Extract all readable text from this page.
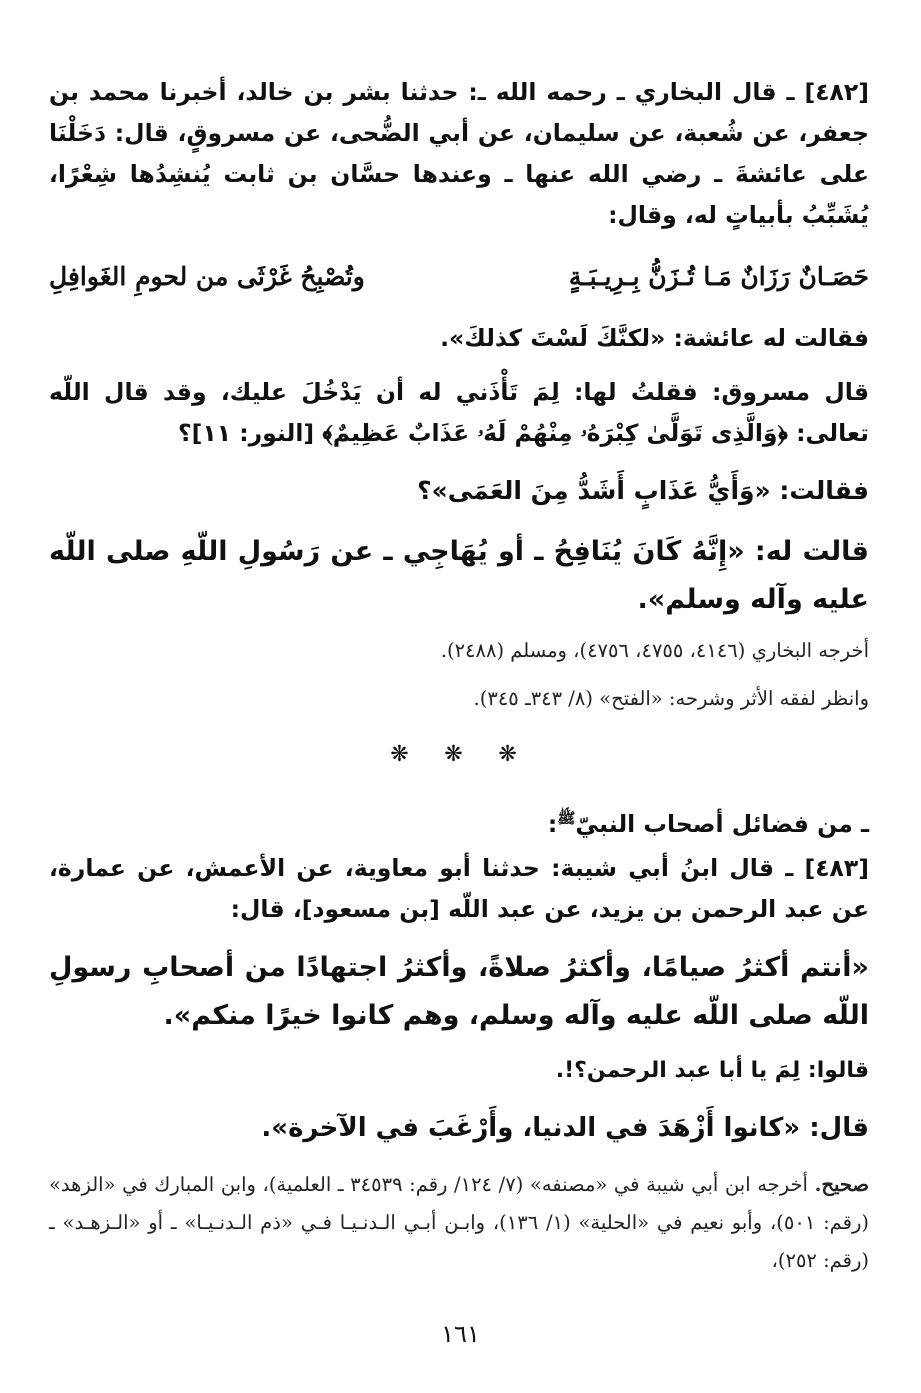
[٤٨٢] ـ قال البخاري ـ رحمه الله ـ: حدثنا بشر بن خالد، أخبرنا محمد بن جعفر، عن شُعبة، عن سليمان، عن أبي الضُّحى، عن مسروقٍ، قال: دَخَلْنَا على عائشةَ ـ رضي الله عنها ـ وعندها حسَّان بن ثابت يُنشِدُها شِعْرًا، يُشَبِّبُ بأبياتٍ له، وقال:

حَصَـانٌ رَزَانٌ مَـا تُـزَنُّ بِـرِيـبَـةٍ
وتُصْبِحُ غَرْثَى من لحومِ الغَوافِلِ

فقالت له عائشة: «لكنَّكَ لَسْتَ كذلكَ».

قال مسروق: فقلتُ لها: لِمَ تَأْذَني له أن يَدْخُلَ عليك، وقد قال اللّه تعالى: ﴿وَالَّذِى تَوَلَّىٰ كِبْرَهُۥ مِنْهُمْ لَهُۥ عَذَابٌ عَظِيمٌ﴾ [النور: ١١]؟

فقالت: «وَأَيُّ عَذَابٍ أَشَدُّ مِنَ العَمَى»؟

قالت له: «إِنَّهُ كَانَ يُنَافِحُ ـ أو يُهَاجِي ـ عن رَسُولِ اللّهِ صلى اللّه عليه وآله وسلم».

أخرجه البخاري (٤١٤٦، ٤٧٥٥، ٤٧٥٦)، ومسلم (٢٤٨٨).

وانظر لفقه الأثر وشرحه: «الفتح» (٨/ ٣٤٣ـ ٣٤٥).

❋ ❋ ❋

ـ من فضائل أصحاب النبيّ$^ﷺ$:

[٤٨٣] ـ قال ابنُ أبي شيبة: حدثنا أبو معاوية، عن الأعمش، عن عمارة، عن عبد الرحمن بن يزيد، عن عبد اللّه [بن مسعود]، قال:

«أنتم أكثرُ صيامًا، وأكثرُ صلاةً، وأكثرُ اجتهادًا من أصحابِ رسولِ اللّه صلى اللّه عليه وآله وسلم، وهم كانوا خيرًا منكم».

قالوا: لِمَ يا أبا عبد الرحمن؟!.

قال: «كانوا أَزْهَدَ في الدنيا، وأَرْغَبَ في الآخرة».

صحيح. أخرجه ابن أبي شيبة في «مصنفه» (٧/ ١٢٤/ رقم: ٣٤٥٣٩ ـ العلمية)، وابن المبارك في «الزهد» (رقم: ٥٠١)، وأبو نعيم في «الحلية» (١/ ١٣٦)، وابـن أبـي الـدنـيـا فـي «ذم الـدنـيـا» ـ أو «الـزهـد» ـ (رقم: ٢٥٢)،

١٦١
